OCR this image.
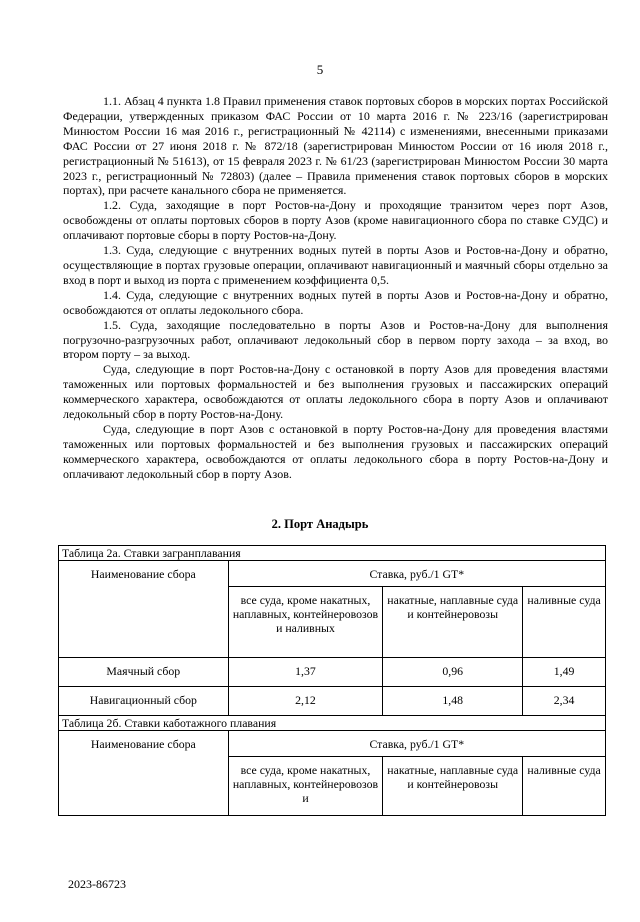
5

1.1. Абзац 4 пункта 1.8 Правил применения ставок портовых сборов в морских портах Российской Федерации, утвержденных приказом ФАС России от 10 марта 2016 г. № 223/16 (зарегистрирован Минюстом России 16 мая 2016 г., регистрационный № 42114) с изменениями, внесенными приказами ФАС России от 27 июня 2018 г. № 872/18 (зарегистрирован Минюстом России от 16 июля 2018 г., регистрационный № 51613), от 15 февраля 2023 г. № 61/23 (зарегистрирован Минюстом России 30 марта 2023 г., регистрационный № 72803) (далее – Правила применения ставок портовых сборов в морских портах), при расчете канального сбора не применяется.

1.2. Суда, заходящие в порт Ростов-на-Дону и проходящие транзитом через порт Азов, освобождены от оплаты портовых сборов в порту Азов (кроме навигационного сбора по ставке СУДС) и оплачивают портовые сборы в порту Ростов-на-Дону.

1.3. Суда, следующие с внутренних водных путей в порты Азов и Ростов-на-Дону и обратно, осуществляющие в портах грузовые операции, оплачивают навигационный и маячный сборы отдельно за вход в порт и выход из порта с применением коэффициента 0,5.

1.4. Суда, следующие с внутренних водных путей в порты Азов и Ростов-на-Дону и обратно, освобождаются от оплаты ледокольного сбора.

1.5. Суда, заходящие последовательно в порты Азов и Ростов-на-Дону для выполнения погрузочно-разгрузочных работ, оплачивают ледокольный сбор в первом порту захода – за вход, во втором порту – за выход.

Суда, следующие в порт Ростов-на-Дону с остановкой в порту Азов для проведения властями таможенных или портовых формальностей и без выполнения грузовых и пассажирских операций коммерческого характера, освобождаются от оплаты ледокольного сбора в порту Азов и оплачивают ледокольный сбор в порту Ростов-на-Дону.

Суда, следующие в порт Азов с остановкой в порту Ростов-на-Дону для проведения властями таможенных или портовых формальностей и без выполнения грузовых и пассажирских операций коммерческого характера, освобождаются от оплаты ледокольного сбора в порту Ростов-на-Дону и оплачивают ледокольный сбор в порту Азов.

2. Порт Анадырь
Таблица 2а. Ставки загранплавания			
Наименование сбора	Ставка, руб./1 GT*		
	все суда, кроме накатных, наплавных, контейнеровозов и наливных	накатные, наплавные суда и контейнеровозы	наливные суда
Маячный сбор	1,37	0,96	1,49
Навигационный сбор	2,12	1,48	2,34
Таблица 2б. Ставки каботажного плавания			
Наименование сбора	Ставка, руб./1 GT*		
	все суда, кроме накатных, наплавных, контейнеровозов и	накатные, наплавные суда и контейнеровозы	наливные суда
2023-86723
